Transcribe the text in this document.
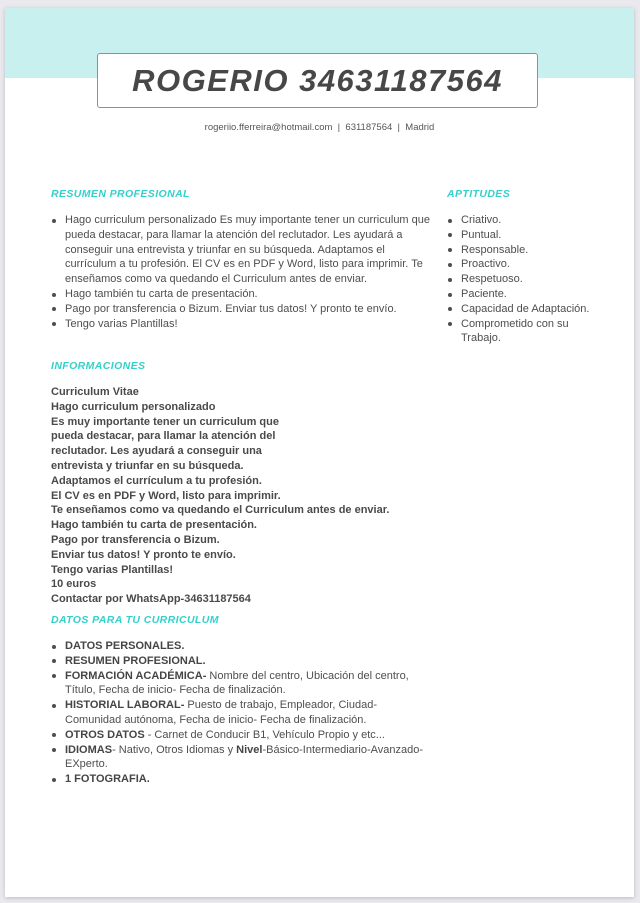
ROGERIO 34631187564
rogeriio.fferreira@hotmail.com  |  631187564  |  Madrid
RESUMEN PROFESIONAL
Hago curriculum personalizado Es muy importante tener un curriculum que pueda destacar, para llamar la atención del reclutador. Les ayudará a conseguir una entrevista y triunfar en su búsqueda. Adaptamos el currículum a tu profesión. El CV es en PDF y Word, listo para imprimir. Te enseñamos como va quedando el Curriculum antes de enviar.
Hago también tu carta de presentación.
Pago por transferencia o Bizum. Enviar tus datos! Y pronto te envío.
Tengo varias Plantillas!
APTITUDES
Criativo.
Puntual.
Responsable.
Proactivo.
Respetuoso.
Paciente.
Capacidad de Adaptación.
Comprometido con su Trabajo.
INFORMACIONES
Curriculum Vitae
Hago curriculum personalizado
Es muy importante tener un curriculum que
pueda destacar, para llamar la atención del
reclutador. Les ayudará a conseguir una
entrevista y triunfar en su búsqueda.
Adaptamos el currículum a tu profesión.
El CV es en PDF y Word, listo para imprimir.
Te enseñamos como va quedando el Curriculum antes de enviar.
Hago también tu carta de presentación.
Pago por transferencia o Bizum.
Enviar tus datos! Y pronto te envío.
Tengo varias Plantillas!
10 euros
Contactar por WhatsApp-34631187564
DATOS PARA TU CURRICULUM
DATOS PERSONALES.
RESUMEN PROFESIONAL.
FORMACIÓN ACADÉMICA- Nombre del centro, Ubicación del centro, Título, Fecha de inicio- Fecha de finalización.
HISTORIAL LABORAL- Puesto de trabajo, Empleador, Ciudad- Comunidad autónoma, Fecha de inicio- Fecha de finalización.
OTROS DATOS - Carnet de Conducir B1, Vehículo Propio y etc...
IDIOMAS- Nativo, Otros Idiomas y Nivel-Básico-Intermediario-Avanzado- EXperto.
1 FOTOGRAFIA.
